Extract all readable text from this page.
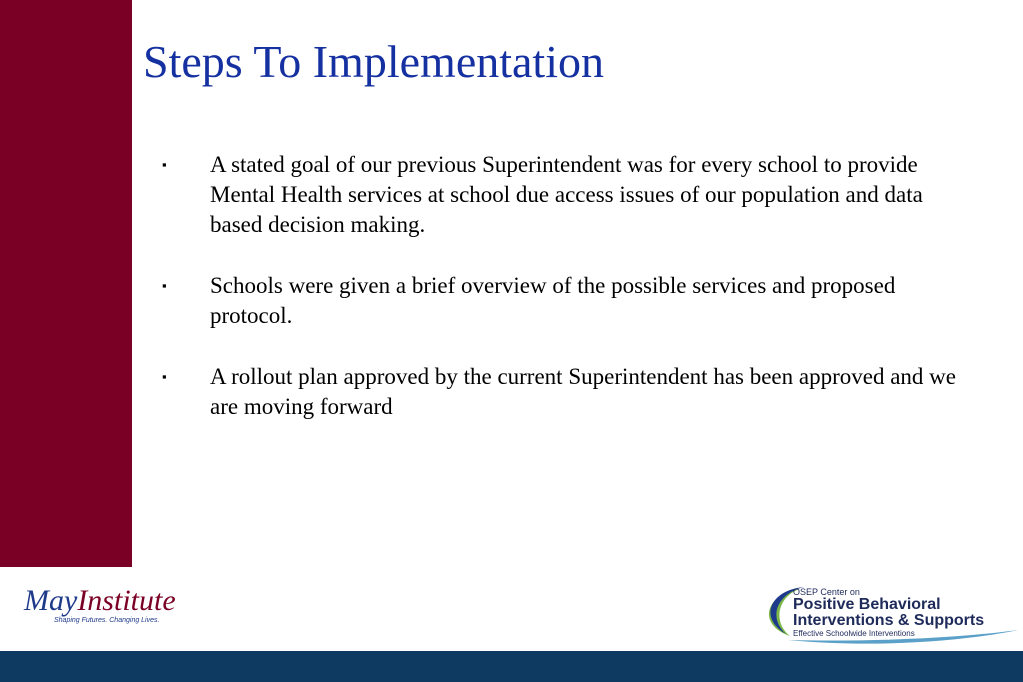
Steps To Implementation
▪ A stated goal of our previous Superintendent was for every school to provide Mental Health services at school due access issues of our population and data based decision making.
▪ Schools were given a brief overview of the possible services and proposed protocol.
▪ A rollout plan approved by the current Superintendent has been approved and we are moving forward
MayInstitute
Shaping Futures. Changing Lives.
OSEP Center on
Positive Behavioral
Interventions & Supports
Effective Schoolwide Interventions
